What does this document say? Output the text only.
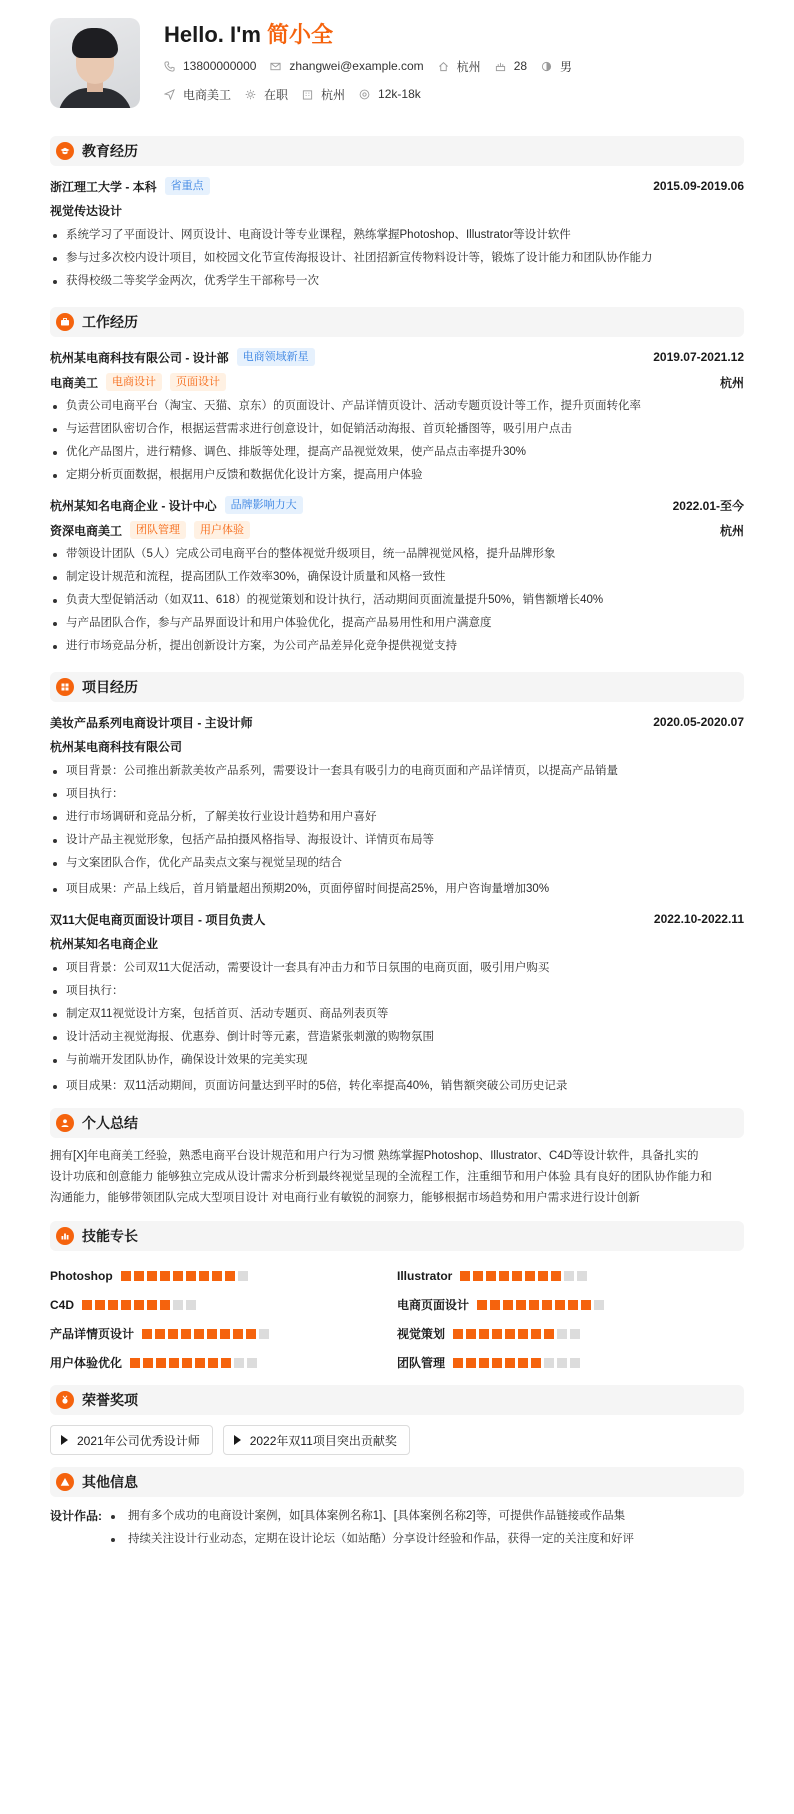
Hello. I'm 简小全
13800000000	zhangwei@example.com	杭州	28	男
电商美工	在职	杭州	12k-18k
教育经历
浙江理工大学 - 本科	省重点	2015.09-2019.06
视觉传达设计
系统学习了平面设计、网页设计、电商设计等专业课程，熟练掌握Photoshop、Illustrator等设计软件
参与过多次校内设计项目，如校园文化节宣传海报设计、社团招新宣传物料设计等，锻炼了设计能力和团队协作能力
获得校级二等奖学金两次，优秀学生干部称号一次
工作经历
杭州某电商科技有限公司 - 设计部	电商领域新星	2019.07-2021.12
电商美工	电商设计	页面设计	杭州
负责公司电商平台（淘宝、天猫、京东）的页面设计、产品详情页设计、活动专题页设计等工作，提升页面转化率
与运营团队密切合作，根据运营需求进行创意设计，如促销活动海报、首页轮播图等，吸引用户点击
优化产品图片，进行精修、调色、排版等处理，提高产品视觉效果，使产品点击率提升30%
定期分析页面数据，根据用户反馈和数据优化设计方案，提高用户体验
杭州某知名电商企业 - 设计中心	品牌影响力大	2022.01-至今
资深电商美工	团队管理	用户体验	杭州
带领设计团队（5人）完成公司电商平台的整体视觉升级项目，统一品牌视觉风格，提升品牌形象
制定设计规范和流程，提高团队工作效率30%，确保设计质量和风格一致性
负责大型促销活动（如双11、618）的视觉策划和设计执行，活动期间页面流量提升50%，销售额增长40%
与产品团队合作，参与产品界面设计和用户体验优化，提高产品易用性和用户满意度
进行市场竞品分析，提出创新设计方案，为公司产品差异化竞争提供视觉支持
项目经历
美妆产品系列电商设计项目 - 主设计师	2020.05-2020.07
杭州某电商科技有限公司
项目背景：公司推出新款美妆产品系列，需要设计一套具有吸引力的电商页面和产品详情页，以提高产品销量
项目执行：
进行市场调研和竞品分析，了解美妆行业设计趋势和用户喜好
设计产品主视觉形象，包括产品拍摄风格指导、海报设计、详情页布局等
与文案团队合作，优化产品卖点文案与视觉呈现的结合
项目成果：产品上线后，首月销量超出预期20%，页面停留时间提高25%，用户咨询量增加30%
双11大促电商页面设计项目 - 项目负责人	2022.10-2022.11
杭州某知名电商企业
项目背景：公司双11大促活动，需要设计一套具有冲击力和节日氛围的电商页面，吸引用户购买
项目执行：
制定双11视觉设计方案，包括首页、活动专题页、商品列表页等
设计活动主视觉海报、优惠券、倒计时等元素，营造紧张刺激的购物氛围
与前端开发团队协作，确保设计效果的完美实现
项目成果：双11活动期间，页面访问量达到平时的5倍，转化率提高40%，销售额突破公司历史记录
个人总结
拥有[X]年电商美工经验，熟悉电商平台设计规范和用户行为习惯 熟练掌握Photoshop、Illustrator、C4D等设计软件，具备扎实的
设计功底和创意能力 能够独立完成从设计需求分析到最终视觉呈现的全流程工作，注重细节和用户体验 具有良好的团队协作能力和
沟通能力，能够带领团队完成大型项目设计 对电商行业有敏锐的洞察力，能够根据市场趋势和用户需求进行设计创新
技能专长
Photoshop	Illustrator
C4D	电商页面设计
产品详情页设计	视觉策划
用户体验优化	团队管理
荣誉奖项
2021年公司优秀设计师	2022年双11项目突出贡献奖
其他信息
设计作品:	拥有多个成功的电商设计案例，如[具体案例名称1]、[具体案例名称2]等，可提供作品链接或作品集
持续关注设计行业动态，定期在设计论坛（如站酷）分享设计经验和作品，获得一定的关注度和好评
